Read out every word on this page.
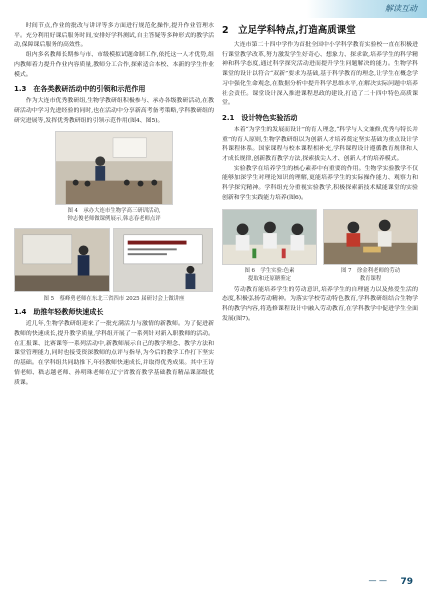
解读互动

时间节点,作业的批改与讲评等多方面进行规范化操作,提升作业管理水平。充分利用好课后服务时间,安排好学科测试,自主答疑等多种形式的教学活动,保障课后服务的高效性。

组内多名教师长期参与市、市级模拟试题命制工作,依托这一人才优势,组内教师着力提升作业内容质量,教师分工合作,探索适合本校、本新的学生作业模式。

1.3　在各类教研活动中的引领和示范作用

作为大连市优秀教研组,生物学教研组积极参与、承办各级教研活动,在教研活动中学习先进经验的同时,也在活动中分享新高考备考策略,学科教研组的研究进展等,发挥优秀教研组的引领示范作用(图4、图5)。

图 4　承办大连市生物学高三研训活动,
钟志俊老师做课例展示,韩志春老师点评
图 5　蔡峰勇老师在东北三省四市 2025 届研讨会上做讲座
1.4　助推年轻教师快速成长

近几年,生物学教研组迎来了一批充满活力与激情的新教师。为了促进新教师的快速成长,提升教学质量,学科组开展了一系列针对新入职教师的活动。在汇报课、比赛课等一系列活动中,新教师展示自己的教学理念、教学方法和课堂管理能力,同时也接受资深教师的点评与指导,为今后的教学工作打下坚实的基础。在学科组共同助推下,年轻教师快速成长,并取得优秀成果。其中王诗情老师、嵇志越老师、孙明珠老师在辽宁省教育教学基础教育精品课部级优质课。

2　立足学科特点,打造高质课堂

大连市第二十四中学作为首批全国中小学科学教育实验校一直在积极进行课堂教学改革,努力激发学生好奇心、想象力、探求欲,培养学生的科学精神和科学态度,通过科学探究活动进而提升学生问题解决的能力。生物学科课堂的设计以符合“双新”要求为基础,基于科学教育的理念,让学生在概念学习中强化生命观念,在数据分析中提升科学思维水平,在解决实际问题中培养社会责任。课堂设计深入推进课程思政的建设,打造了二十四中特色高质课堂。

2.1　设计特色实验活动

本着“为学生的发展而设计”的育人理念,“科学与人文兼修,优秀与特长并重”的育人原则,生物学教研组以为创新人才培养奠定坚实基础为重点设计学科课程体系。国家课程与校本课程相补充,学科课程设计遵循教育规律和人才成长规律,创新教育教学方法,探索拔尖人才、创新人才的培养模式。

实验教学在培养学生的核心素养中有重要的作用。生物学实验教学不仅能够加深学生对理论知识的理解,更能培养学生的实际操作能力、观察力和科学探究精神。学科组充分重视实验教学,积极探索新技术赋能课堂的实验创新和学生实践能力培养(图6)。

图 6　学生实验:色素
提取和还原糖鉴定
图 7　徐金利老师的劳动
教育课程

劳动教育能培养学生的劳动意识,培养学生的自理能力以及热爱生活的态度,积极弘扬劳动精神。为落实学校劳动特色教育,学科教研组结合生物学科的教学内容,将选修课程设计中融入劳动教育,在学科教学中促进学生全面发展(图7)。

— — 79
